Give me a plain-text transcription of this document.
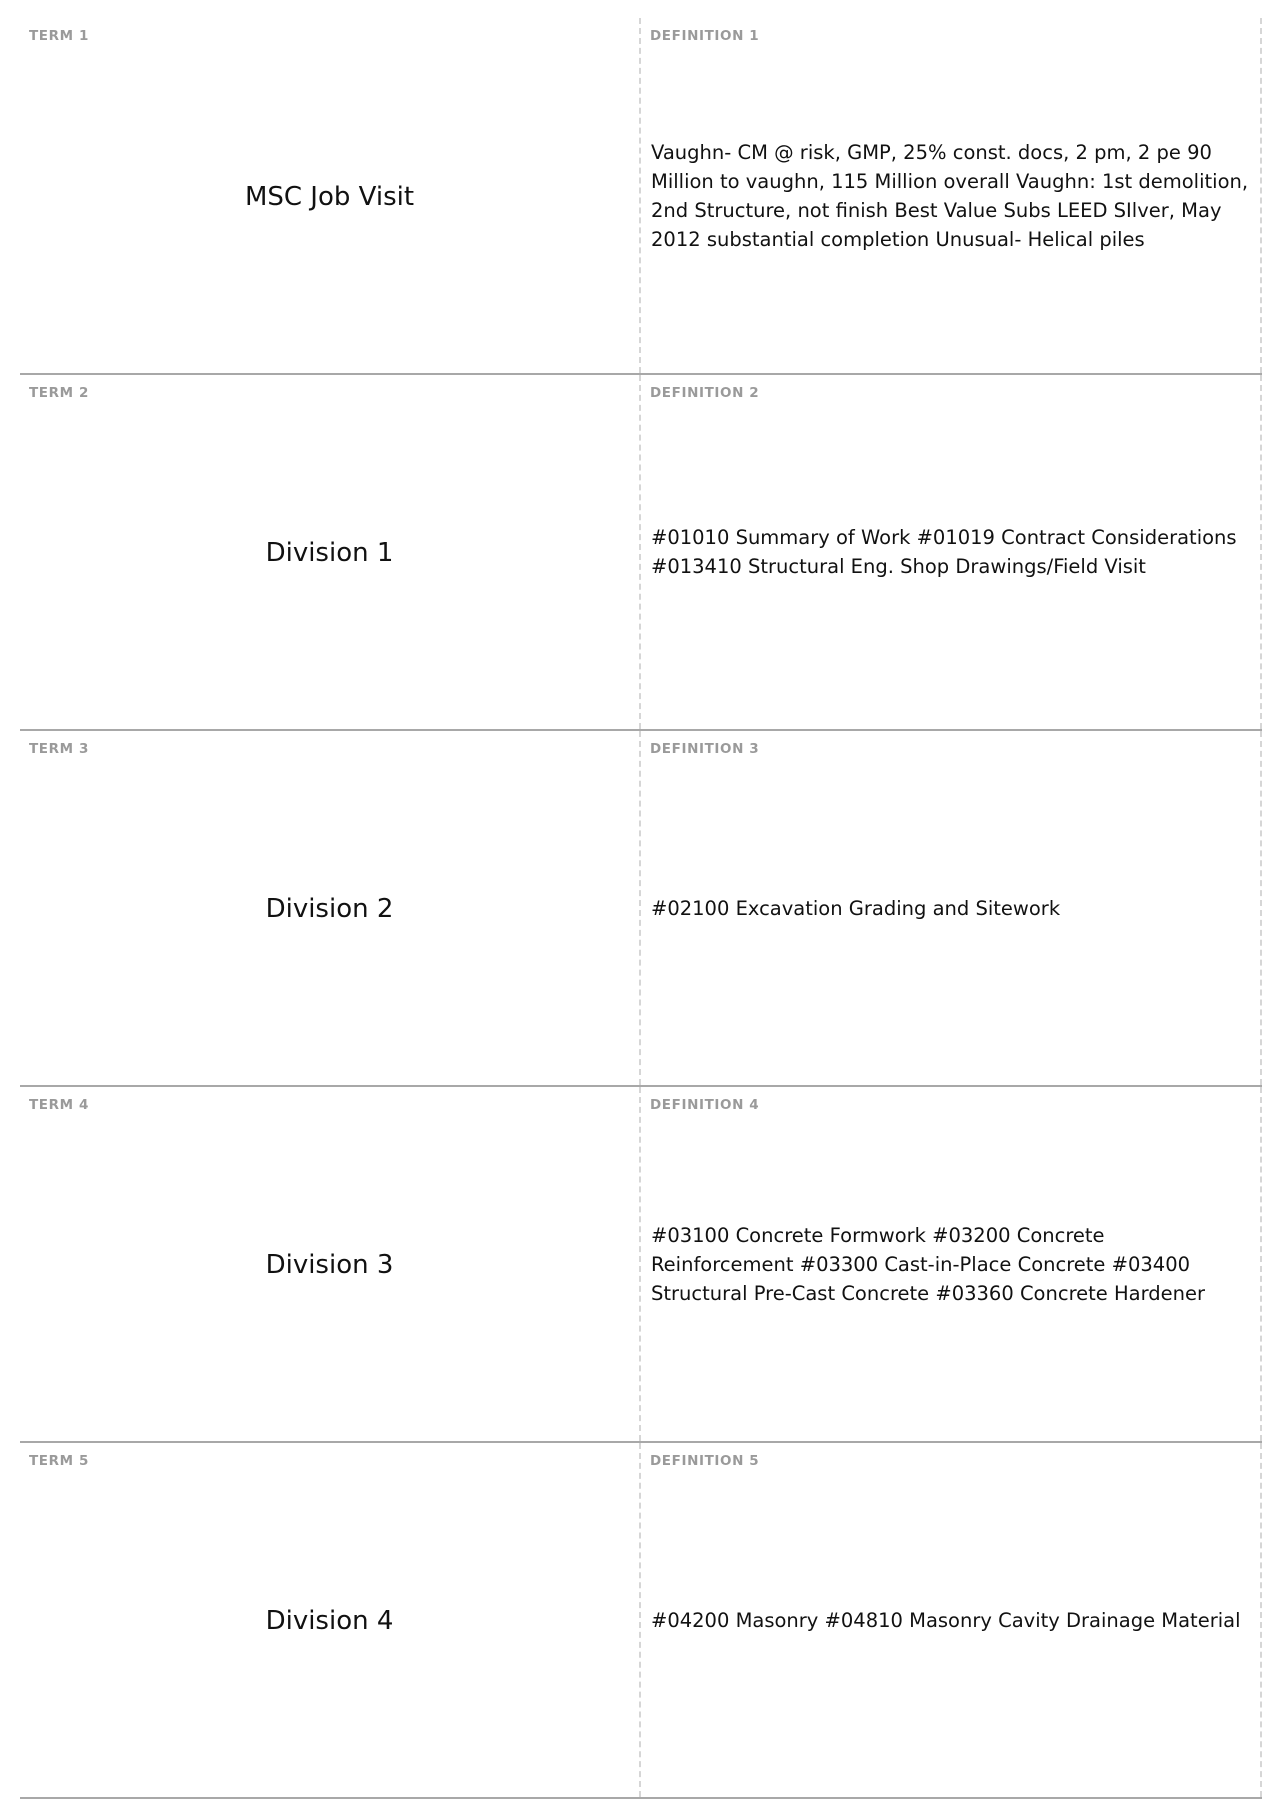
TERM 1
MSC Job Visit
DEFINITION 1
Vaughn- CM @ risk, GMP, 25% const. docs, 2 pm, 2 pe 90 Million to vaughn, 115 Million overall Vaughn: 1st demolition, 2nd Structure, not finish Best Value Subs LEED SIlver, May 2012 substantial completion Unusual- Helical piles
TERM 2
Division 1
DEFINITION 2
#01010 Summary of Work #01019 Contract Considerations #013410 Structural Eng. Shop Drawings/Field Visit
TERM 3
Division 2
DEFINITION 3
#02100 Excavation Grading and Sitework
TERM 4
Division 3
DEFINITION 4
#03100 Concrete Formwork #03200 Concrete Reinforcement #03300 Cast-in-Place Concrete #03400 Structural Pre-Cast Concrete #03360 Concrete Hardener
TERM 5
Division 4
DEFINITION 5
#04200 Masonry #04810 Masonry Cavity Drainage Material
